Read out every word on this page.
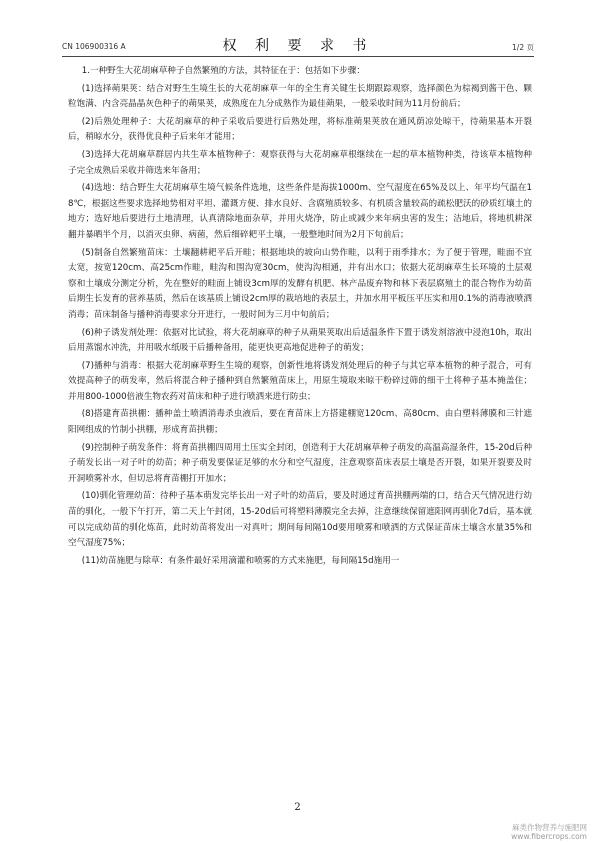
CN 106900316 A	权 利 要 求 书	1/2 页

1.一种野生大花胡麻草种子自然繁殖的方法，其特征在于：包括如下步骤：

(1)选择蒴果荚：结合对野生生境生长的大花胡麻草一年的全生育关键生长期跟踪观察，选择颜色为棕褐到酱干色、颗粒饱满、内含亮晶晶灰色种子的蒴果荚，成熟度在九分成熟作为最佳蒴果，一般采收时间为11月份前后；

(2)后熟处理种子：大花胡麻草的种子采收后要进行后熟处理，将标准蒴果荚放在通风荫凉处晾干，待蒴果基本开裂后，稍晾水分，获得优良种子后来年才能用；

(3)选择大花胡麻草群居内共生草本植物种子：观察获得与大花胡麻草根继续在一起的草本植物种类，待该草本植物种子完全成熟后采收并筛选来年备用；

(4)选地：结合野生大花胡麻草生境气候条件选地，这些条件是海拔1000m、空气湿度在65%及以上、年平均气温在18℃，根据这些要求选择地势相对平坦、灌溉方便、排水良好、含腐殖质较多、有机质含量较高的疏松肥沃的砂质红壤土的地方；选好地后要进行土地清理，认真清除地面杂草，并用火烧净，防止或减少来年病虫害的发生；洁地后，将地机耕深翻并暴晒半个月，以消灭虫卵、病菌，然后细碎耙平土壤，一般整地时间为2月下旬前后；

(5)制备自然繁殖苗床：土壤翻耕耙平后开畦；根据地块的坡向山势作畦，以利于雨季排水；为了便于管理，畦面不宜太宽，按宽120cm、高25cm作畦，畦沟和围沟宽30cm，使沟沟相通，并有出水口；依据大花胡麻草生长环境的土层观察和土壤成分测定分析，先在整好的畦面上铺设3cm厚的发酵有机肥、林产品废弃物和林下表层腐殖土的混合物作为幼苗后期生长发育的营养基质，然后在该基质上铺设2cm厚的栽培地的表层土，并加水用平板压平压实和用0.1%的消毒液喷洒消毒；苗床制备与播种消毒要求分开进行，一般时间为三月中旬前后；

(6)种子诱发剂处理：依据对比试验，将大花胡麻草的种子从蒴果荚取出后适温条件下置于诱发剂溶液中浸泡10h，取出后用蒸馏水冲洗，并用吸水纸吸干后播种备用，能更快更高地促进种子的萌发；

(7)播种与消毒：根据大花胡麻草野生生境的观察，创新性地将诱发剂处理后的种子与其它草本植物的种子混合，可有效提高种子的萌发率，然后将混合种子播种到自然繁殖苗床上，用原生境取来晾干粉碎过筛的细干土将种子基本掩盖住；并用800-1000倍液生物农药对苗床和种子进行喷洒来进行防虫；

(8)搭建育苗拱棚：播种盖土喷洒消毒杀虫液后，要在育苗床上方搭建棚宽120cm、高80cm、由白塑料薄膜和三针遮阳网组成的竹制小拱棚，形成育苗拱棚；

(9)控制种子萌发条件：将育苗拱棚四周用土压实全封闭，创造利于大花胡麻草种子萌发的高温高湿条件，15-20d后种子萌发长出一对子叶的幼苗；种子萌发要保证足够的水分和空气湿度，注意观察苗床表层土壤是否开裂，如果开裂要及时开洞喷雾补水，但切忌将育苗棚打开加水；

(10)驯化管理幼苗：待种子基本萌发完毕长出一对子叶的幼苗后，要及时通过育苗拱棚两端的口，结合天气情况进行幼苗的驯化，一般下午打开，第二天上午封闭，15-20d后可将塑料薄膜完全去掉，注意继续保留遮阳网再驯化7d后，基本就可以完成幼苗的驯化炼苗，此时幼苗将发出一对真叶；期间每间隔10d要用喷雾和喷洒的方式保证苗床土壤含水量35%和空气湿度75%；

(11)幼苗施肥与除草：有条件最好采用滴灌和喷雾的方式来施肥，每间隔15d施用一

2
麻类作物营养与施肥网
www.fibercrops.com
